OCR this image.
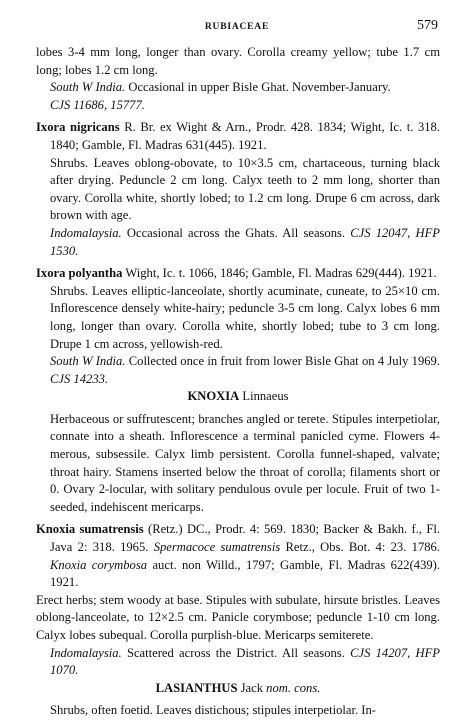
RUBIACEAE	579

lobes 3-4 mm long, longer than ovary. Corolla creamy yellow; tube 1.7 cm long; lobes 1.2 cm long.

South W India. Occasional in upper Bisle Ghat. November-January.
CJS 11686, 15777.

Ixora nigricans R. Br. ex Wight & Arn., Prodr. 428. 1834; Wight, Ic. t. 318. 1840; Gamble, Fl. Madras 631(445). 1921.

Shrubs. Leaves oblong-obovate, to 10×3.5 cm, chartaceous, turning black after drying. Peduncle 2 cm long. Calyx teeth to 2 mm long, shorter than ovary. Corolla white, shortly lobed; to 1.2 cm long. Drupe 6 cm across, dark brown with age.

Indomalaysia. Occasional across the Ghats. All seasons. CJS 12047, HFP 1530.

Ixora polyantha Wight, Ic. t. 1066, 1846; Gamble, Fl. Madras 629(444). 1921.

Shrubs. Leaves elliptic-lanceolate, shortly acuminate, cuneate, to 25×10 cm. Inflorescence densely white-hairy; peduncle 3-5 cm long. Calyx lobes 6 mm long, longer than ovary. Corolla white, shortly lobed; tube to 3 cm long. Drupe 1 cm across, yellowish-red.

South W India. Collected once in fruit from lower Bisle Ghat on 4 July 1969. CJS 14233.

KNOXIA Linnaeus

Herbaceous or suffrutescent; branches angled or terete. Stipules interpetiolar, connate into a sheath. Inflorescence a terminal panicled cyme. Flowers 4-merous, subsessile. Calyx limb persistent. Corolla funnel-shaped, valvate; throat hairy. Stamens inserted below the throat of corolla; filaments short or 0. Ovary 2-locular, with solitary pendulous ovule per locule. Fruit of two 1-seeded, indehiscent mericarps.

Knoxia sumatrensis (Retz.) DC., Prodr. 4: 569. 1830; Backer & Bakh. f., Fl. Java 2: 318. 1965. Spermacoce sumatrensis Retz., Obs. Bot. 4: 23. 1786. Knoxia corymbosa auct. non Willd., 1797; Gamble, Fl. Madras 622(439). 1921.

Erect herbs; stem woody at base. Stipules with subulate, hirsute bristles. Leaves oblong-lanceolate, to 12×2.5 cm. Panicle corymbose; peduncle 1-10 cm long. Calyx lobes subequal. Corolla purplish-blue. Mericarps semiterete.

Indomalaysia. Scattered across the District. All seasons. CJS 14207, HFP 1070.

LASIANTHUS Jack nom. cons.

Shrubs, often foetid. Leaves distichous; stipules interpetiolar. In-
